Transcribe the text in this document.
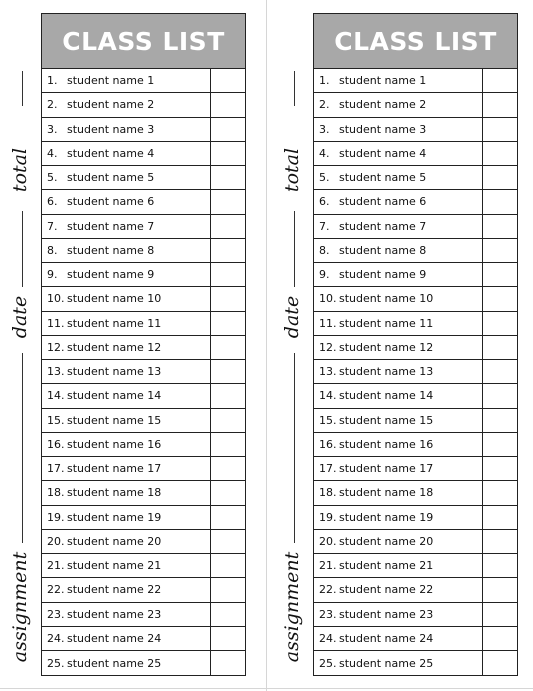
total
date
assignment
CLASS LIST
1. student name 1
2. student name 2
3. student name 3
4. student name 4
5. student name 5
6. student name 6
7. student name 7
8. student name 8
9. student name 9
10. student name 10
11. student name 11
12. student name 12
13. student name 13
14. student name 14
15. student name 15
16. student name 16
17. student name 17
18. student name 18
19. student name 19
20. student name 20
21. student name 21
22. student name 22
23. student name 23
24. student name 24
25. student name 25
total
date
assignment
CLASS LIST
1. student name 1
2. student name 2
3. student name 3
4. student name 4
5. student name 5
6. student name 6
7. student name 7
8. student name 8
9. student name 9
10. student name 10
11. student name 11
12. student name 12
13. student name 13
14. student name 14
15. student name 15
16. student name 16
17. student name 17
18. student name 18
19. student name 19
20. student name 20
21. student name 21
22. student name 22
23. student name 23
24. student name 24
25. student name 25
